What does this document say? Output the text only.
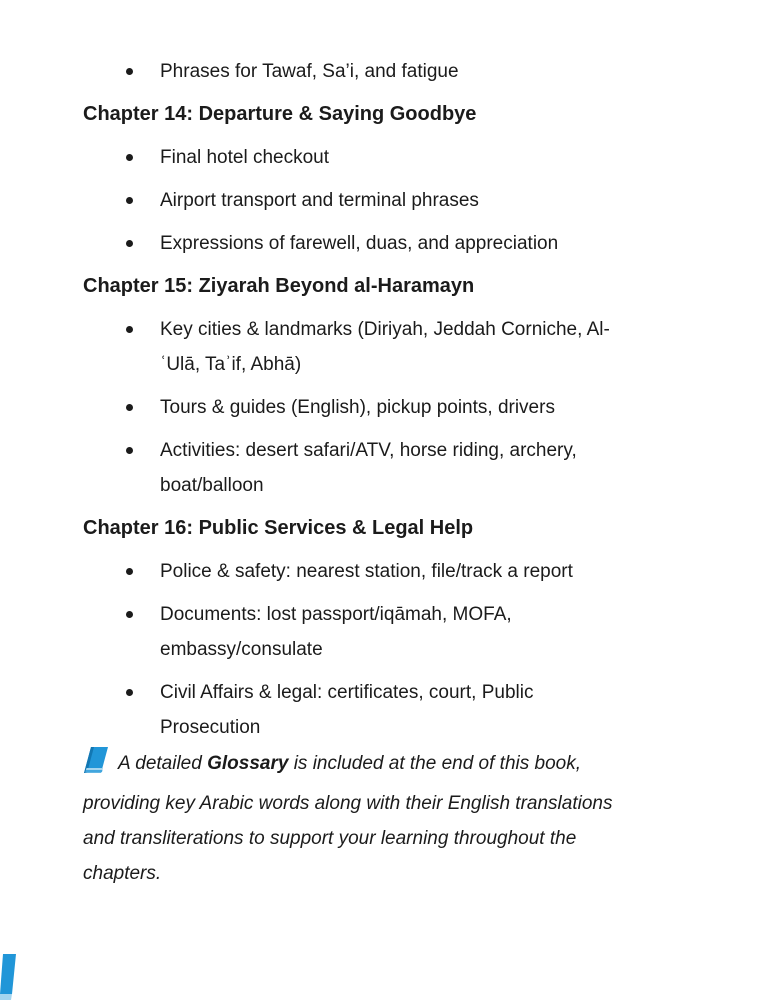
Phrases for Tawaf, Sa’i, and fatigue
Chapter 14: Departure & Saying Goodbye
Final hotel checkout
Airport transport and terminal phrases
Expressions of farewell, duas, and appreciation
Chapter 15: Ziyarah Beyond al-Haramayn
Key cities & landmarks (Diriyah, Jeddah Corniche, Al-
ʿUlā, Taʾif, Abhā)
Tours & guides (English), pickup points, drivers
Activities: desert safari/ATV, horse riding, archery,
boat/balloon
Chapter 16: Public Services & Legal Help
Police & safety: nearest station, file/track a report
Documents: lost passport/iqāmah, MOFA,
embassy/consulate
Civil Affairs & legal: certificates, court, Public
Prosecution

A detailed Glossary is included at the end of this book,
providing key Arabic words along with their English translations
and transliterations to support your learning throughout the
chapters.
